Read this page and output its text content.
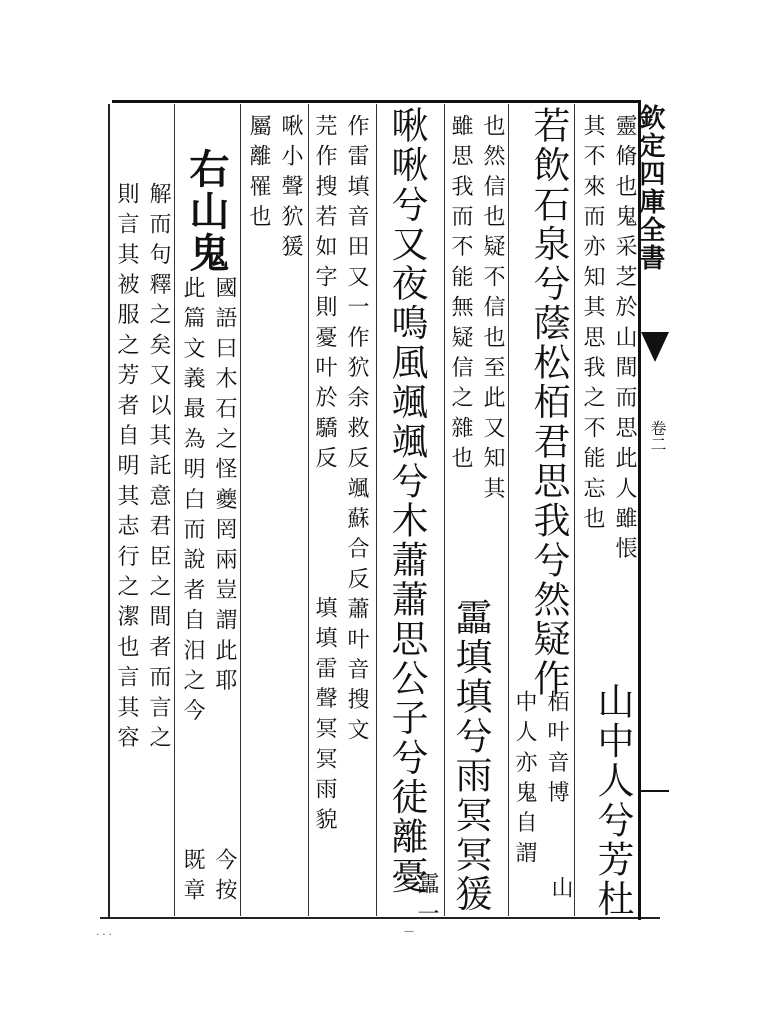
欽定四庫全書
卷二
靈脩也鬼采芝於山間而思此人雖悵
其不來而亦知其思我之不能忘也
若飲石泉兮蔭松栢君思我兮然疑作
山中人兮芳杜
也然信也疑不信也至此又知其
雖思我而不能無疑信之雜也
栢叶音博
中人亦鬼自謂
山
啾啾兮又夜鳴風颯颯兮木蕭蕭思公子兮徒離憂 靁填填兮雨冥冥猨
靁一
作雷填音田又一作狖余救反颯蘇合反蕭叶音搜文
芫作搜若如字則憂叶於驕反
填填雷聲冥冥雨貌
啾小聲狖猨
屬離罹也
右山鬼
國語曰木石之怪夔罔兩豈謂此耶
此篇文義最為明白而說者自汨之今
今按
既章
解而句釋之矣又以其託意君臣之間者而言之
則言其被服之芳者自明其志行之潔也言其容
· · ·	—
